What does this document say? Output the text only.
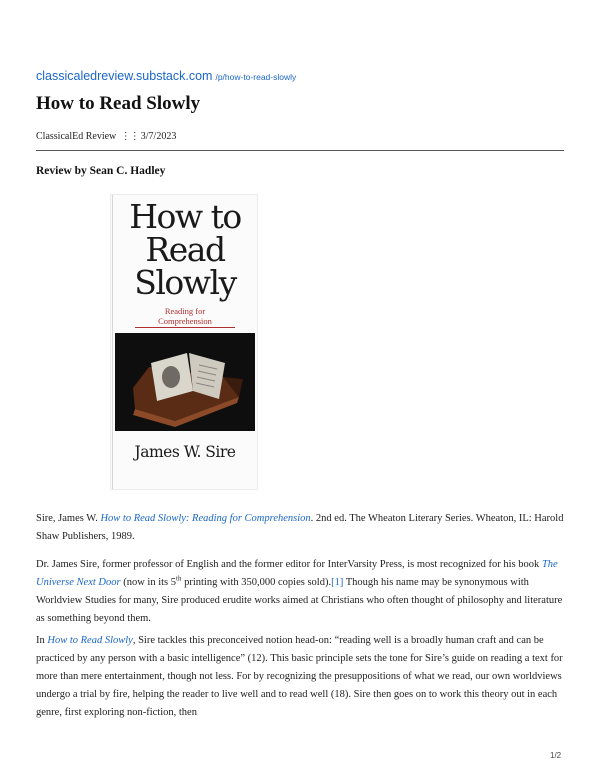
classicaledreview.substack.com /p/how-to-read-slowly
How to Read Slowly
ClassicalEd Review ⋮⋮ 3/7/2023
Review by Sean C. Hadley
How to
Read
Slowly
Reading for
Comprehension
James W. Sire

Sire, James W. How to Read Slowly: Reading for Comprehension. 2nd ed. The Wheaton Literary Series. Wheaton, IL: Harold Shaw Publishers, 1989.

Dr. James Sire, former professor of English and the former editor for InterVarsity Press, is most recognized for his book The Universe Next Door (now in its 5th printing with 350,000 copies sold).[1] Though his name may be synonymous with Worldview Studies for many, Sire produced erudite works aimed at Christians who often thought of philosophy and literature as something beyond them.

In How to Read Slowly, Sire tackles this preconceived notion head-on: “reading well is a broadly human craft and can be practiced by any person with a basic intelligence” (12). This basic principle sets the tone for Sire’s guide on reading a text for more than mere entertainment, though not less. For by recognizing the presuppositions of what we read, our own worldviews undergo a trial by fire, helping the reader to live well and to read well (18). Sire then goes on to work this theory out in each genre, first exploring non-fiction, then

1/2
